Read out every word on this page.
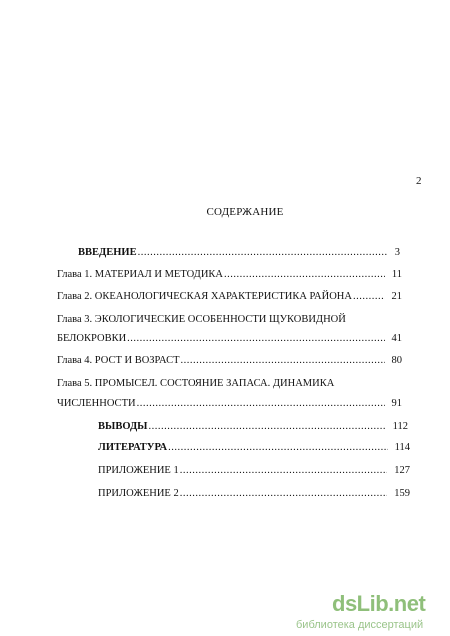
2
СОДЕРЖАНИЕ
ВВЕДЕНИЕ .....	3
Глава 1. МАТЕРИАЛ И МЕТОДИКА .....	11
Глава 2. ОКЕАНОЛОГИЧЕСКАЯ ХАРАКТЕРИСТИКА РАЙОНА .....	21
Глава 3. ЭКОЛОГИЧЕСКИЕ ОСОБЕННОСТИ ЩУКОВИДНОЙ
БЕЛОКРОВКИ .....	41
Глава 4. РОСТ И ВОЗРАСТ .....	80
Глава 5. ПРОМЫСЕЛ. СОСТОЯНИЕ ЗАПАСА. ДИНАМИКА
ЧИСЛЕННОСТИ .....	91
ВЫВОДЫ .....	112
ЛИТЕРАТУРА .....	114
ПРИЛОЖЕНИЕ 1 .....	127
ПРИЛОЖЕНИЕ 2 .....	159
dsLib.net
библиотека диссертаций
